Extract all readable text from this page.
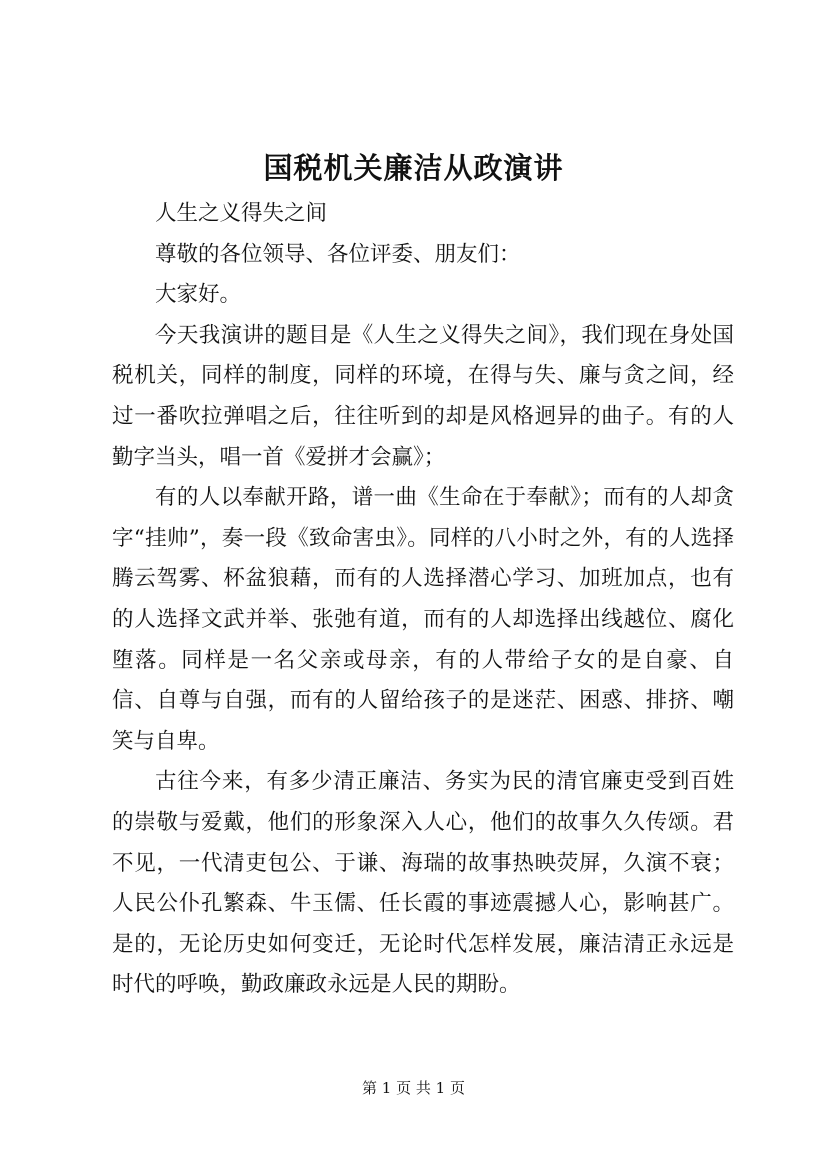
国税机关廉洁从政演讲

人生之义得失之间

尊敬的各位领导、各位评委、朋友们：

大家好。

今天我演讲的题目是《人生之义得失之间》，我们现在身处国税机关，同样的制度，同样的环境，在得与失、廉与贪之间，经过一番吹拉弹唱之后，往往听到的却是风格迥异的曲子。有的人勤字当头，唱一首《爱拼才会赢》；

有的人以奉献开路，谱一曲《生命在于奉献》；而有的人却贪字“挂帅”，奏一段《致命害虫》。同样的八小时之外，有的人选择腾云驾雾、杯盆狼藉，而有的人选择潜心学习、加班加点，也有的人选择文武并举、张弛有道，而有的人却选择出线越位、腐化堕落。同样是一名父亲或母亲，有的人带给子女的是自豪、自信、自尊与自强，而有的人留给孩子的是迷茫、困惑、排挤、嘲笑与自卑。

古往今来，有多少清正廉洁、务实为民的清官廉吏受到百姓的崇敬与爱戴，他们的形象深入人心，他们的故事久久传颂。君不见，一代清吏包公、于谦、海瑞的故事热映荧屏，久演不衰；人民公仆孔繁森、牛玉儒、任长霞的事迹震撼人心，影响甚广。是的，无论历史如何变迁，无论时代怎样发展，廉洁清正永远是时代的呼唤，勤政廉政永远是人民的期盼。

第 1 页 共 1 页
